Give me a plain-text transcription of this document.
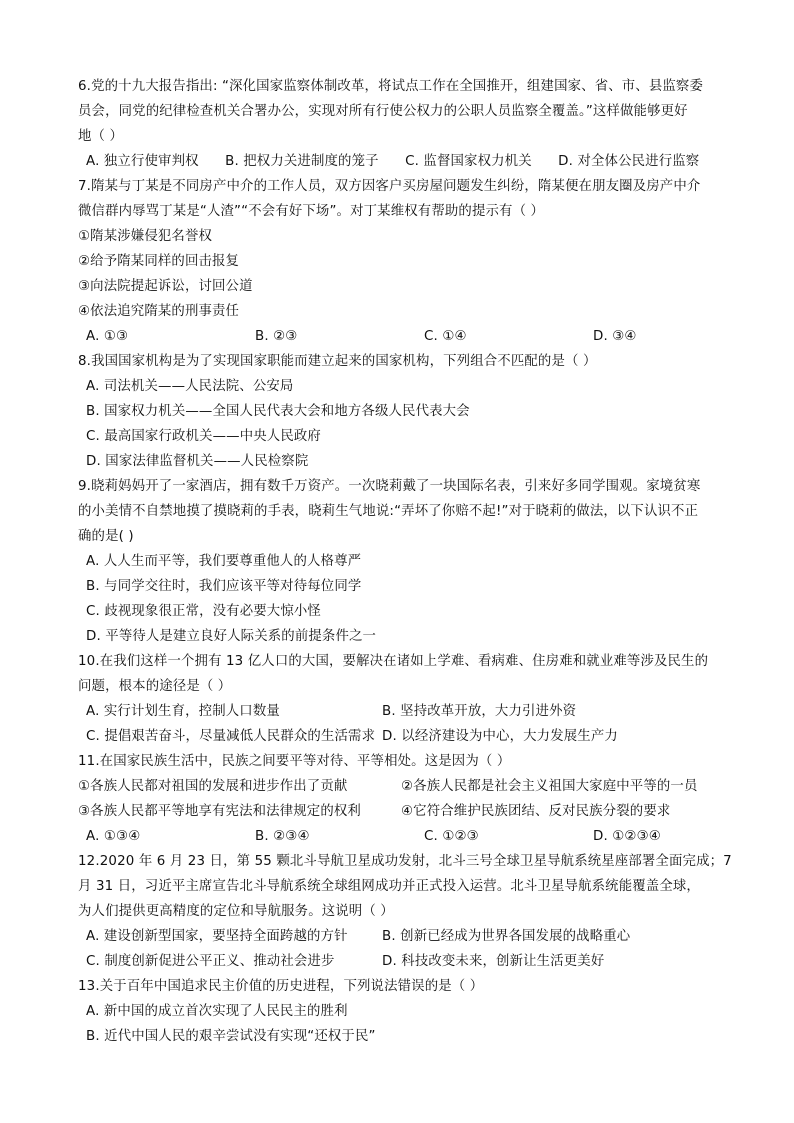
6.党的十九大报告指出: “深化国家监察体制改革，将试点工作在全国推开，组建国家、省、市、县监察委
员会，同党的纪律检查机关合署办公，实现对所有行使公权力的公职人员监察全覆盖。”这样做能够更好
地（ ）
A. 独立行使审判权      B. 把权力关进制度的笼子      C. 监督国家权力机关      D. 对全体公民进行监察
7.隋某与丁某是不同房产中介的工作人员，双方因客户买房屋问题发生纠纷，隋某便在朋友圈及房产中介
微信群内辱骂丁某是“人渣”“不会有好下场”。对丁某维权有帮助的提示有（ ）
①隋某涉嫌侵犯名誉权
②给予隋某同样的回击报复
③向法院提起诉讼，讨回公道
④依法追究隋某的刑事责任
A. ①③	B. ②③	C. ①④	D. ③④
8.我国国家机构是为了实现国家职能而建立起来的国家机构，下列组合不匹配的是（ ）
A. 司法机关——人民法院、公安局
B. 国家权力机关——全国人民代表大会和地方各级人民代表大会
C. 最高国家行政机关——中央人民政府
D. 国家法律监督机关——人民检察院
9.晓莉妈妈开了一家酒店，拥有数千万资产。一次晓莉戴了一块国际名表，引来好多同学围观。家境贫寒
的小美情不自禁地摸了摸晓莉的手表，晓莉生气地说:“弄坏了你赔不起!”对于晓莉的做法，以下认识不正
确的是( )
A. 人人生而平等，我们要尊重他人的人格尊严
B. 与同学交往时，我们应该平等对待每位同学
C. 歧视现象很正常，没有必要大惊小怪
D. 平等待人是建立良好人际关系的前提条件之一
10.在我们这样一个拥有 13 亿人口的大国，要解决在诸如上学难、看病难、住房难和就业难等涉及民生的
问题，根本的途径是（ ）
A. 实行计划生育，控制人口数量	B. 坚持改革开放，大力引进外资
C. 提倡艰苦奋斗，尽量减低人民群众的生活需求 D. 以经济建设为中心，大力发展生产力
11.在国家民族生活中，民族之间要平等对待、平等相处。这是因为（ ）
①各族人民都对祖国的发展和进步作出了贡献	②各族人民都是社会主义祖国大家庭中平等的一员
③各族人民都平等地享有宪法和法律规定的权利	④它符合维护民族团结、反对民族分裂的要求
A. ①③④	B. ②③④	C. ①②③	D. ①②③④
12.2020 年 6 月 23 日，第 55 颗北斗导航卫星成功发射，北斗三号全球卫星导航系统星座部署全面完成；7
月 31 日，习近平主席宣告北斗导航系统全球组网成功并正式投入运营。北斗卫星导航系统能覆盖全球，
为人们提供更高精度的定位和导航服务。这说明（ ）
A. 建设创新型国家，要坚持全面跨越的方针	B. 创新已经成为世界各国发展的战略重心
C. 制度创新促进公平正义、推动社会进步	D. 科技改变未来，创新让生活更美好
13.关于百年中国追求民主价值的历史进程，下列说法错误的是（ ）
A. 新中国的成立首次实现了人民民主的胜利
B. 近代中国人民的艰辛尝试没有实现“还权于民”
